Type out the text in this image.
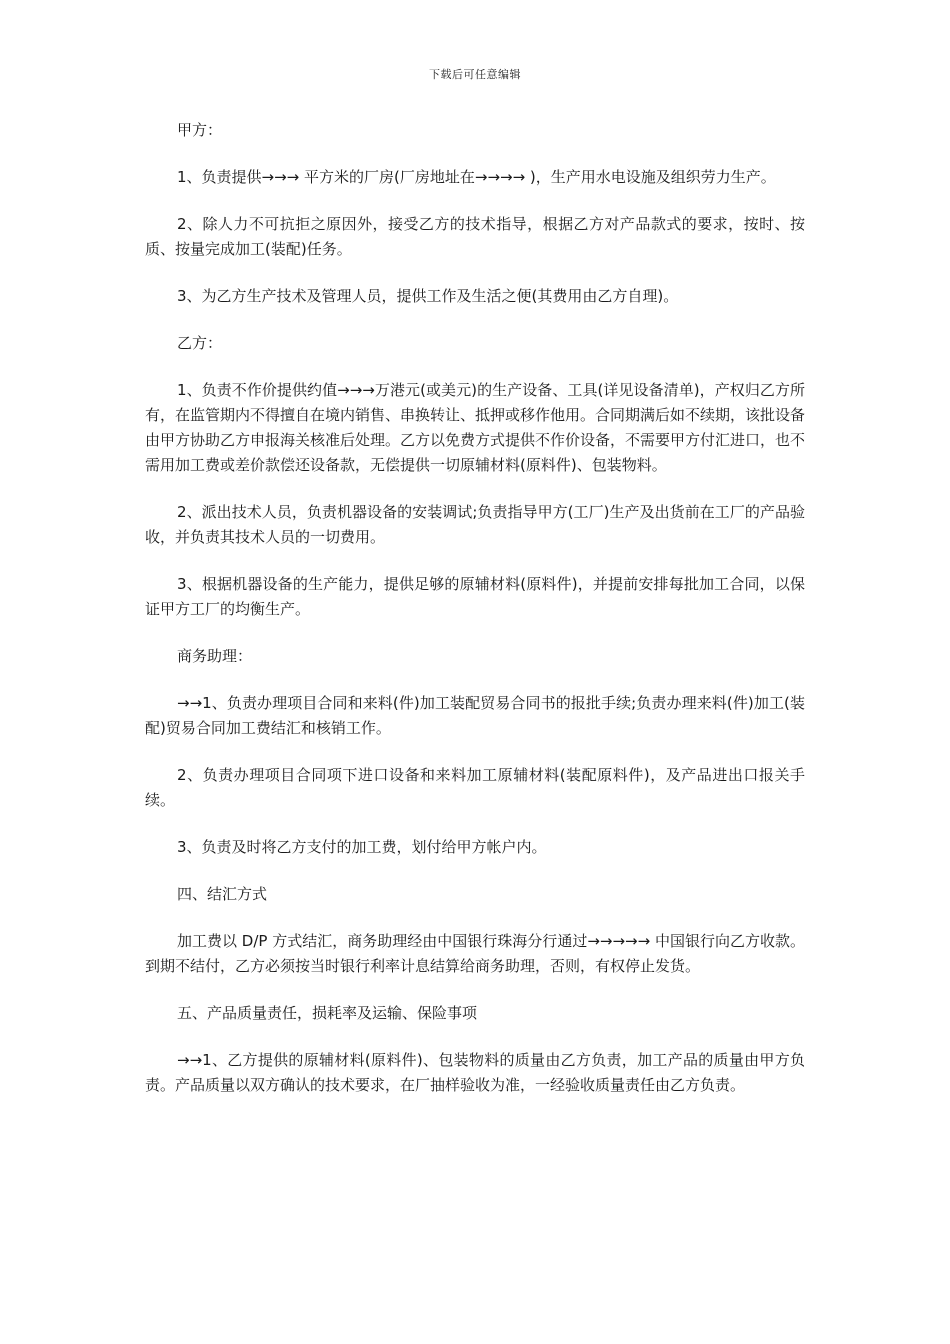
下载后可任意编辑

甲方：

1、负责提供→→→ 平方米的厂房(厂房地址在→→→→ )，生产用水电设施及组织劳力生产。

2、除人力不可抗拒之原因外，接受乙方的技术指导，根据乙方对产品款式的要求，按时、按质、按量完成加工(装配)任务。

3、为乙方生产技术及管理人员，提供工作及生活之便(其费用由乙方自理)。

乙方：

1、负责不作价提供约值→→→万港元(或美元)的生产设备、工具(详见设备清单)，产权归乙方所有，在监管期内不得擅自在境内销售、串换转让、抵押或移作他用。合同期满后如不续期，该批设备由甲方协助乙方申报海关核准后处理。乙方以免费方式提供不作价设备，不需要甲方付汇进口，也不需用加工费或差价款偿还设备款，无偿提供一切原辅材料(原料件)、包装物料。

2、派出技术人员，负责机器设备的安装调试;负责指导甲方(工厂)生产及出货前在工厂的产品验收，并负责其技术人员的一切费用。

3、根据机器设备的生产能力，提供足够的原辅材料(原料件)，并提前安排每批加工合同，以保证甲方工厂的均衡生产。

商务助理：

→→1、负责办理项目合同和来料(件)加工装配贸易合同书的报批手续;负责办理来料(件)加工(装配)贸易合同加工费结汇和核销工作。

2、负责办理项目合同项下进口设备和来料加工原辅材料(装配原料件)，及产品进出口报关手续。

3、负责及时将乙方支付的加工费，划付给甲方帐户内。

四、结汇方式

加工费以 D/P 方式结汇，商务助理经由中国银行珠海分行通过→→→→→ 中国银行向乙方收款。到期不结付，乙方必须按当时银行利率计息结算给商务助理，否则，有权停止发货。

五、产品质量责任，损耗率及运输、保险事项

→→1、乙方提供的原辅材料(原料件)、包装物料的质量由乙方负责，加工产品的质量由甲方负责。产品质量以双方确认的技术要求，在厂抽样验收为准，一经验收质量责任由乙方负责。
